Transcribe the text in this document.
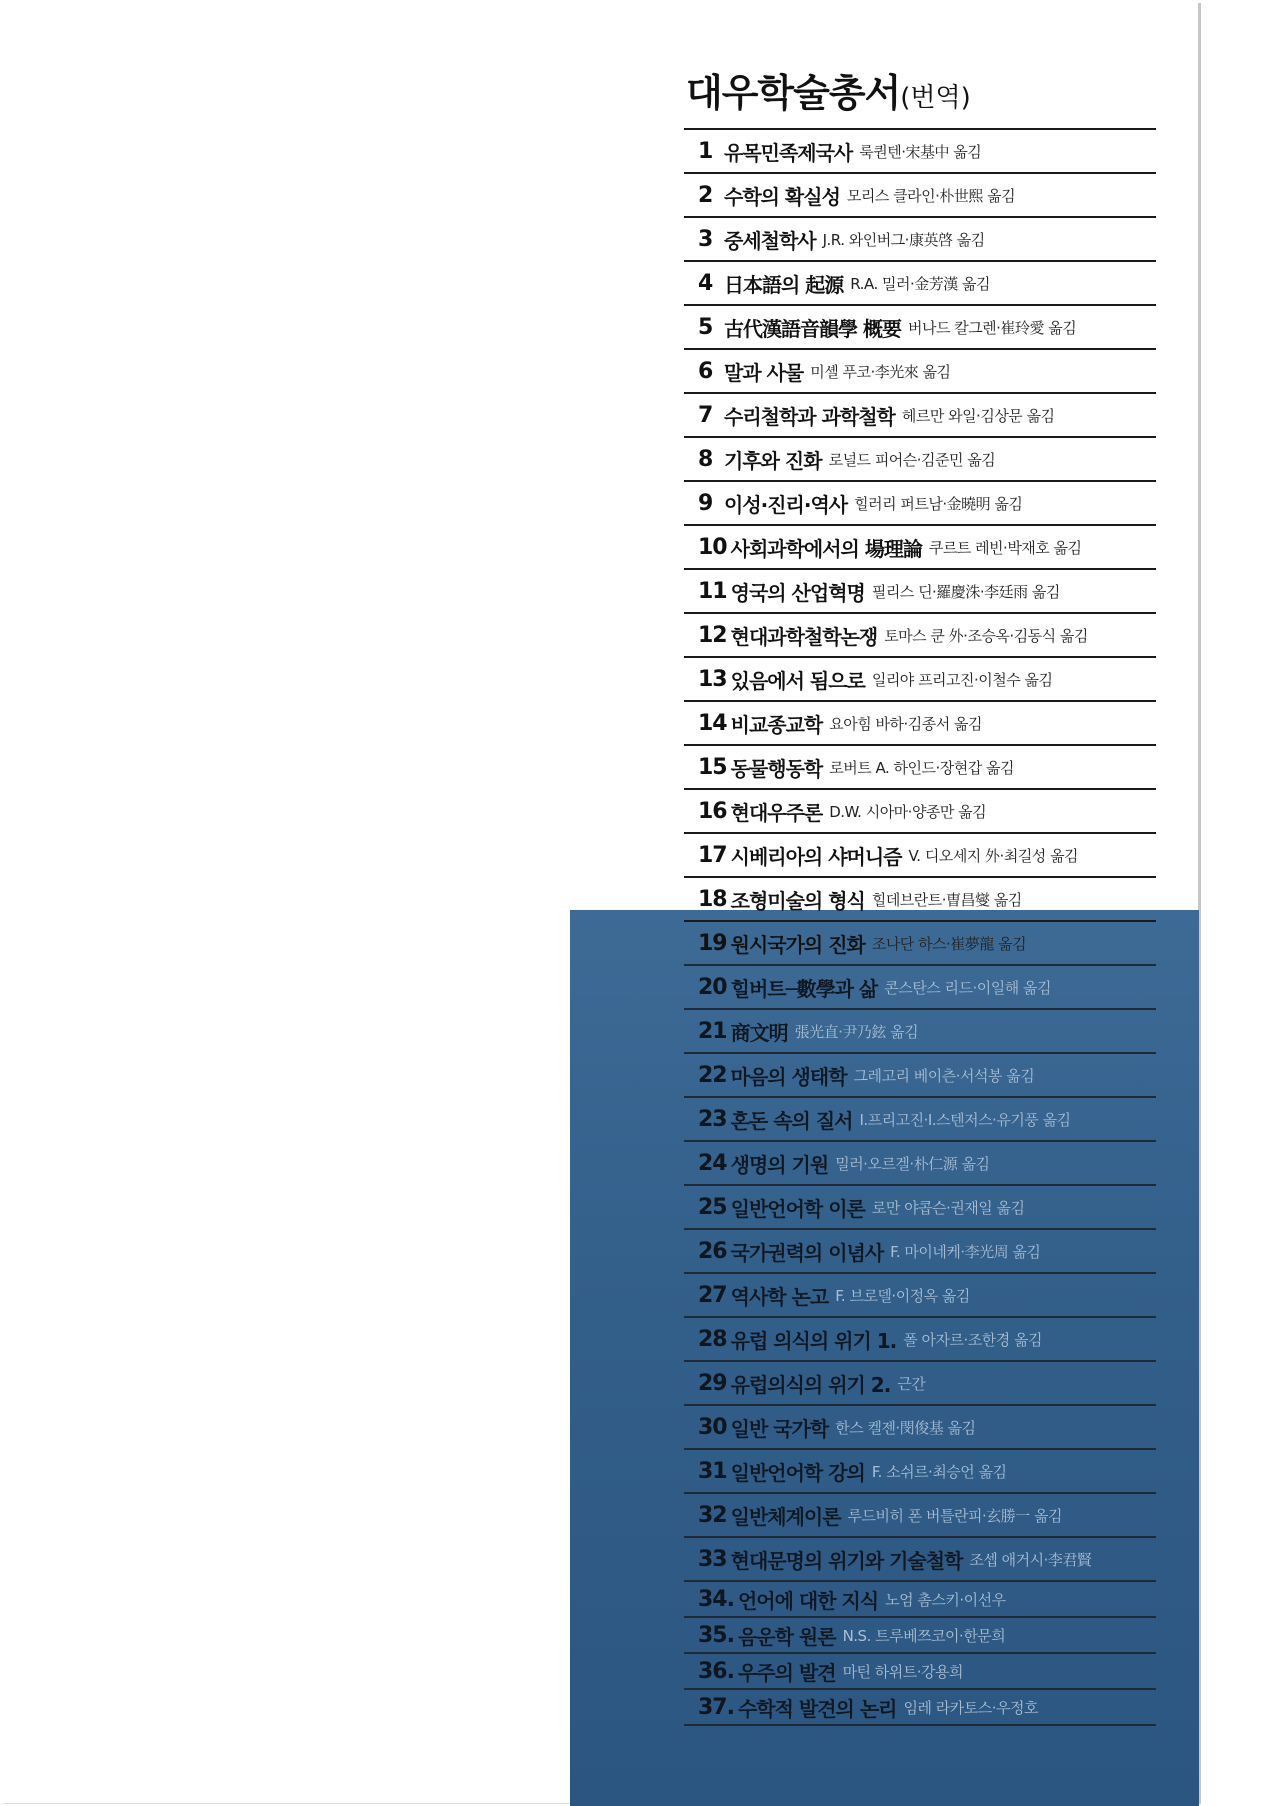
대우학술총서(번역)
1 유목민족제국사 룩퀀텐·宋基中 옮김
2 수학의 확실성 모리스 클라인·朴世熙 옮김
3 중세철학사 J.R. 와인버그·康英啓 옮김
4 日本語의 起源 R.A. 밀러·金芳漢 옮김
5 古代漢語音韻學 概要 버나드 칼그렌·崔玲愛 옮김
6 말과 사물 미셸 푸코·李光來 옮김
7 수리철학과 과학철학 헤르만 와일·김상문 옮김
8 기후와 진화 로널드 피어슨·김준민 옮김
9 이성·진리·역사 힐러리 퍼트남·金曉明 옮김
10 사회과학에서의 場理論 쿠르트 레빈·박재호 옮김
11 영국의 산업혁명 필리스 딘·羅慶洙·李廷雨 옮김
12 현대과학철학논쟁 토마스 쿤 外·조승옥·김동식 옮김
13 있음에서 됨으로 일리야 프리고진·이철수 옮김
14 비교종교학 요아힘 바하·김종서 옮김
15 동물행동학 로버트 A. 하인드·장현갑 옮김
16 현대우주론 D.W. 시아마·양종만 옮김
17 시베리아의 샤머니즘 V. 디오세지 外·최길성 옮김
18 조형미술의 형식 힐데브란트·曺昌燮 옮김
19 원시국가의 진화 조나단 하스·崔夢龍 옮김
20 힐버트─數學과 삶 콘스탄스 리드·이일해 옮김
21 商文明 張光直·尹乃鉉 옮김
22 마음의 생태학 그레고리 베이츤·서석봉 옮김
23 혼돈 속의 질서 I.프리고진·I.스텐저스·유기풍 옮김
24 생명의 기원 밀러·오르겔·朴仁源 옮김
25 일반언어학 이론 로만 야콥슨·권재일 옮김
26 국가권력의 이념사 F. 마이네케·李光周 옮김
27 역사학 논고 F. 브로델·이정옥 옮김
28 유럽 의식의 위기 1. 폴 아자르·조한경 옮김
29 유럽의식의 위기 2. 근간
30 일반 국가학 한스 켈젠·閔俊基 옮김
31 일반언어학 강의 F. 소쉬르·최승언 옮김
32 일반체계이론 루드비히 폰 버틀란피·玄勝一 옮김
33 현대문명의 위기와 기술철학 조셉 애거시·李君賢
34. 언어에 대한 지식 노엄 촘스키·이선우
35. 음운학 원론 N.S. 트루베쯔코이·한문희
36. 우주의 발견 마틴 하위트·강용희
37. 수학적 발견의 논리 임레 라카토스·우정호
